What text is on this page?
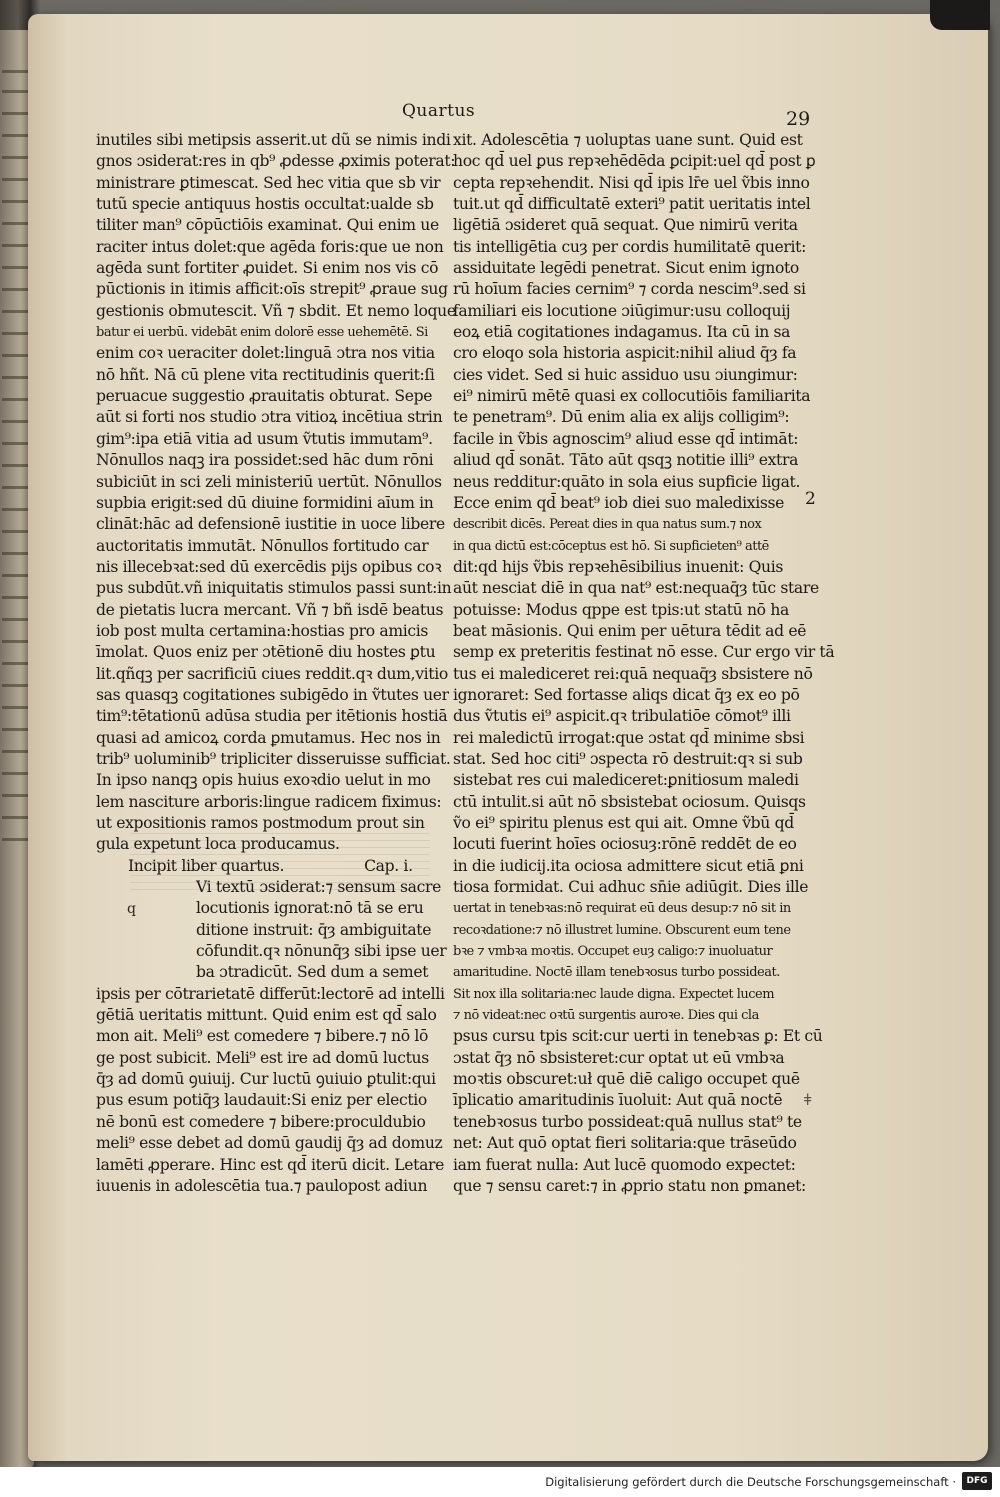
Quartus	29
inutiles sibi metipsis asserit.ut dũ se nimis indi
gnos ɔsiderat:res in qb⁹ ꝓdesse ꝓximis poterat:
ministrare ꝑtimescat. Sed hec vitia que sb vir
tutũ specie antiquus hostis occultat:ualde sb
tiliter man⁹ cōpūctiōis examinat. Qui enim ue
raciter intus dolet:que agēda foris:que ue non
agēda sunt fortiter ꝓuidet. Si enim nos vis cō
pūctionis in itimis afficit:oīs strepit⁹ ꝓraue sug
gestionis obmutescit. Vñ ⁊ sbdit. Et nemo loque
batur ei uerbū. videbāt enim dolorē esse uehemētē. Si
enim coꝛ ueraciter dolet:linguā ɔtra nos vitia
nō hñt. Nā cū plene vita rectitudinis querit:ſi
peruacue suggestio ꝓrauitatis obturat. Sepe
aūt si forti nos studio ɔtra vitioꝝ incētiua strin
gim⁹:ipa etiā vitia ad usum ṽtutis immutam⁹.
Nōnullos naqꝫ ira possidet:sed hāc dum rōni
subiciūt in sci zeli ministeriū uertūt. Nōnullos
supbia erigit:sed dū diuine formidini aīum in
clināt:hāc ad defensionē iustitie in uoce libere
auctoritatis immutāt. Nōnullos fortitudo car
nis illecebꝛat:sed dū exercēdis pijs opibus coꝛ
pus subdūt.vñ iniquitatis stimulos passi sunt:in
de pietatis lucra mercant. Vñ ⁊ bñ isdē beatus
iob post multa certamina:hostias pro amicis
īmolat. Quos eniz per ɔtētionē diu hostes ꝑtu
lit.qñqꝫ per sacrificiū ciues reddit.qꝛ dum,vitio
sas quasqꝫ cogitationes subigēdo in ṽtutes uer
tim⁹:tētationū adūsa studia per itētionis hostiā
quasi ad amicoꝝ corda ꝑmutamus. Hec nos in
trib⁹ uoluminib⁹ tripliciter disseruisse sufficiat.
In ipso nanqꝫ opis huius exoꝛdio uelut in mo
lem nasciture arboris:lingue radicem fiximus:
ut expositionis ramos postmodum prout sin
gula expetunt loca producamus.
Incipit liber quartus.	Cap. i.
Vi textū ɔsiderat:⁊ sensum sacre
locutionis ignorat:nō tā se eru
ditione instruit: q̄ȝ ambiguitate
cōfundit.qꝛ nōnunq̄ȝ sibi ipse uer
ba ɔtradicūt. Sed dum a semet
ipsis per cōtrarietatē differūt:lectorē ad intelli
gētiā ueritatis mittunt. Quid enim est qd̄ salo
mon ait. Meli⁹ est comedere ⁊ bibere.⁊ nō lō
ge post subicit. Meli⁹ est ire ad domū luctus
q̄ȝ ad domū ꝯuiuij. Cur luctū ꝯuiuio ꝑtulit:qui
pus esum potiq̄ȝ laudauit:Si eniz per electio
nē bonū est comedere ⁊ bibere:proculdubio
meli⁹ esse debet ad domū gaudij q̄ȝ ad domuz
lamēti ꝓperare. Hinc est qd̄ iterū dicit. Letare
iuuenis in adolescētia tua.⁊ paulopost adiun
xit. Adolescētia ⁊ uoluptas uane sunt. Quid est
hoc qd̄ uel ꝑus repꝛehēdēda ꝑcipit:uel qd̄ post ꝑ
cepta repꝛehendit. Nisi qd̄ ipis lr̄e uel ṽbis inno
tuit.ut qd̄ difficultatē exteri⁹ patit ueritatis intel
ligētiā ɔsideret quā sequat. Que nimirū verita
tis intelligētia cuȝ per cordis humilitatē querit:
assiduitate legēdi penetrat. Sicut enim ignoto
rū hoīum facies cernim⁹ ⁊ corda nescim⁹.sed si
familiari eis locutione ɔiūgimur:usu colloquij
eoꝝ etiā cogitationes indagamus. Ita cū in sa
cro eloqo sola historia aspicit:nihil aliud q̄ȝ fa
cies videt. Sed si huic assiduo usu ɔiungimur:
ei⁹ nimirū mētē quasi ex collocutiōis familiarita
te penetram⁹. Dū enim alia ex alijs colligim⁹:
facile in ṽbis agnoscim⁹ aliud esse qd̄ intimāt:
aliud qd̄ sonāt. Tāto aūt qsqꝫ notitie illi⁹ extra
neus redditur:quāto in sola eius supficie ligat.
Ecce enim qd̄ beat⁹ iob diei suo maledixisse
describit dicēs. Pereat dies in qua natus sum.⁊ nox
in qua dictū est:cōceptus est hō. Si supficieten⁹ attē
dit:qd hijs ṽbis repꝛehēsibilius inuenit: Quis
aūt nesciat diē in qua nat⁹ est:nequaq̄ȝ tūc stare
potuisse: Modus qppe est tpis:ut statū nō ha
beat māsionis. Qui enim per uētura tēdit ad eē
semp ex preteritis festinat nō esse. Cur ergo vir tā
tus ei malediceret rei:quā nequaq̄ȝ sbsistere nō
ignoraret: Sed fortasse aliqs dicat q̄ȝ ex eo pō
dus ṽtutis ei⁹ aspicit.qꝛ tribulatiōe cōmot⁹ illi
rei maledictū irrogat:que ɔstat qd̄ minime sbsi
stat. Sed hoc citi⁹ ɔspecta rō destruit:qꝛ si sub
sistebat res cui malediceret:ꝑnitiosum maledi
ctū intulit.si aūt nō sbsistebat ociosum. Quisqs
ṽo ei⁹ spiritu plenus est qui ait. Omne ṽbū qd̄
locuti fuerint hoīes ociosuȝ:rōnē reddēt de eo
in die iudicij.ita ociosa admittere sicut etiā ꝑni
tiosa formidat. Cui adhuc sn̄ie adiūgit. Dies ille
uertat in tenebꝛas:nō requirat eū deus desup:⁊ nō sit in
recoꝛdatione:⁊ nō illustret lumine. Obscurent eum tene
bꝛe ⁊ vmbꝛa moꝛtis. Occupet euȝ caligo:⁊ inuoluatur
amaritudine. Noctē illam tenebꝛosus turbo possideat.
Sit nox illa solitaria:nec laude digna. Expectet lucem
⁊ nō videat:nec oꝛtū surgentis auroꝛe. Dies qui cla
psus cursu tpis scit:cur uerti in tenebꝛas ꝑ: Et cū
ɔstat q̄ȝ nō sbsisteret:cur optat ut eū vmbꝛa
moꝛtis obscuret:uł quē diē caligo occupet quē
īplicatio amaritudinis īuoluit: Aut quā noctē
tenebꝛosus turbo possideat:quā nullus stat⁹ te
net: Aut quō optat fieri solitaria:que trāseūdo
iam fuerat nulla: Aut lucē quomodo expectet:
que ⁊ sensu caret:⁊ in ꝓprio statu non ꝑmanet:
q
2
ǂ
Digitalisierung gefördert durch die Deutsche Forschungsgemeinschaft ·	DFG
